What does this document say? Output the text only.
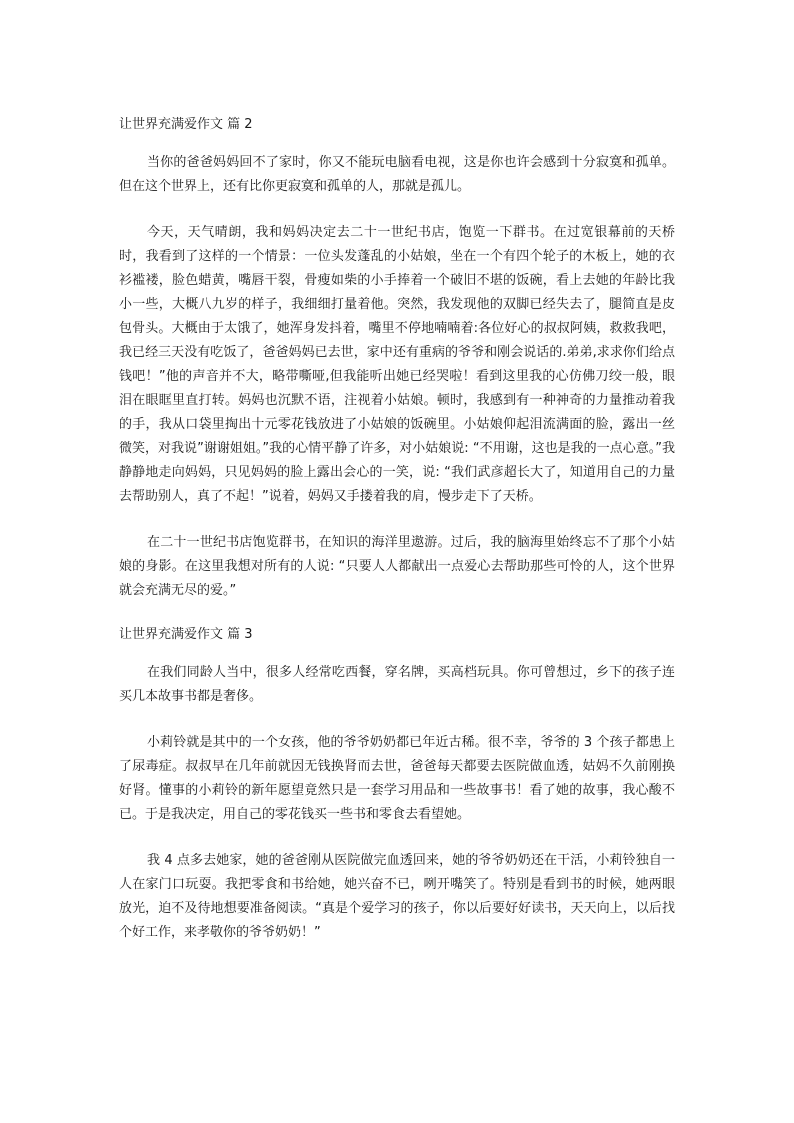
让世界充满爱作文 篇 2

当你的爸爸妈妈回不了家时，你又不能玩电脑看电视，这是你也许会感到十分寂寞和孤单。但在这个世界上，还有比你更寂寞和孤单的人，那就是孤儿。

今天，天气晴朗，我和妈妈决定去二十一世纪书店，饱览一下群书。在过宽银幕前的天桥时，我看到了这样的一个情景：一位头发蓬乱的小姑娘，坐在一个有四个轮子的木板上，她的衣衫褴褛，脸色蜡黄，嘴唇干裂，骨瘦如柴的小手捧着一个破旧不堪的饭碗，看上去她的年龄比我小一些，大概八九岁的样子，我细细打量着他。突然，我发现他的双脚已经失去了，腿简直是皮包骨头。大概由于太饿了，她浑身发抖着，嘴里不停地喃喃着:各位好心的叔叔阿姨，救救我吧，我已经三天没有吃饭了，爸爸妈妈已去世，家中还有重病的爷爷和刚会说话的.弟弟,求求你们给点钱吧！”他的声音并不大，略带嘶哑,但我能听出她已经哭啦！看到这里我的心仿佛刀绞一般，眼泪在眼眶里直打转。妈妈也沉默不语，注视着小姑娘。顿时，我感到有一种神奇的力量推动着我的手，我从口袋里掏出十元零花钱放进了小姑娘的饭碗里。小姑娘仰起泪流满面的脸，露出一丝微笑，对我说”谢谢姐姐。”我的心情平静了许多，对小姑娘说: “不用谢，这也是我的一点心意。”我静静地走向妈妈，只见妈妈的脸上露出会心的一笑，说: “我们武彦超长大了，知道用自己的力量去帮助别人，真了不起！”说着，妈妈又手搂着我的肩，慢步走下了天桥。

在二十一世纪书店饱览群书，在知识的海洋里遨游。过后，我的脑海里始终忘不了那个小姑娘的身影。在这里我想对所有的人说: “只要人人都献出一点爱心去帮助那些可怜的人，这个世界就会充满无尽的爱。”

让世界充满爱作文 篇 3

在我们同龄人当中，很多人经常吃西餐，穿名牌，买高档玩具。你可曾想过，乡下的孩子连买几本故事书都是奢侈。

小莉铃就是其中的一个女孩，他的爷爷奶奶都已年近古稀。很不幸，爷爷的 3 个孩子都患上了尿毒症。叔叔早在几年前就因无钱换肾而去世，爸爸每天都要去医院做血透，姑妈不久前刚换好肾。懂事的小莉铃的新年愿望竟然只是一套学习用品和一些故事书！看了她的故事，我心酸不已。于是我决定，用自己的零花钱买一些书和零食去看望她。

我 4 点多去她家，她的爸爸刚从医院做完血透回来，她的爷爷奶奶还在干活，小莉铃独自一人在家门口玩耍。我把零食和书给她，她兴奋不已，咧开嘴笑了。特别是看到书的时候，她两眼放光，迫不及待地想要准备阅读。“真是个爱学习的孩子，你以后要好好读书，天天向上，以后找个好工作，来孝敬你的爷爷奶奶！”
